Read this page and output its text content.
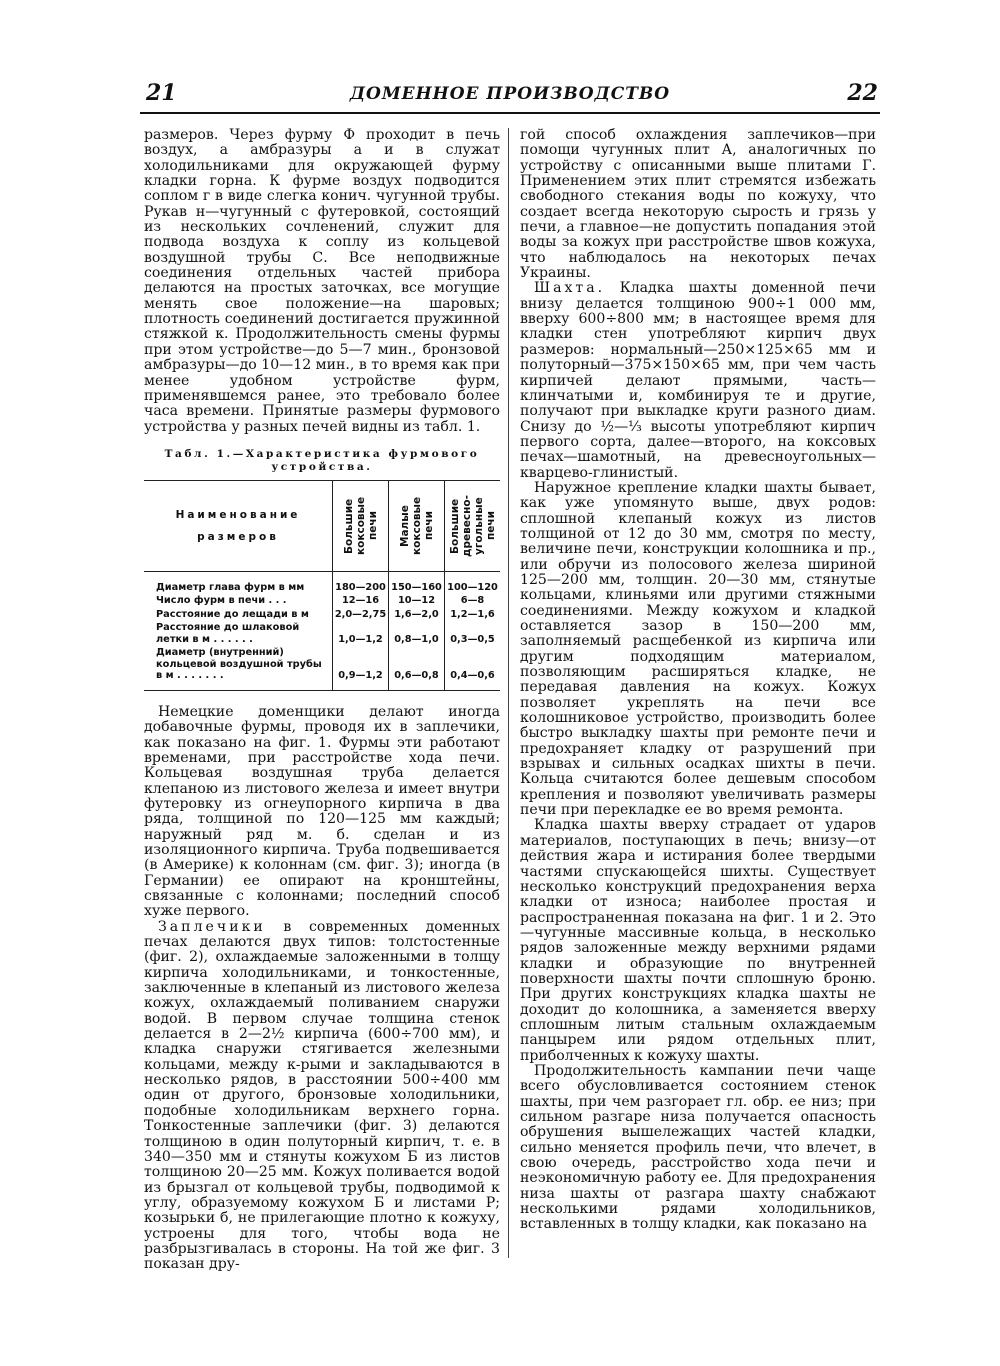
21	ДОМЕННОЕ ПРОИЗВОДСТВО	22

размеров. Через фурму Ф проходит в печь воздух, а амбразуры а и в служат холодильниками для окружающей фурму кладки горна. К фурме воздух подводится соплом г в виде слегка конич. чугунной трубы. Рукав н—чугунный с футеровкой, состоящий из нескольких сочленений, служит для подвода воздуха к соплу из кольцевой воздушной трубы С. Все неподвижные соединения отдельных частей прибора делаются на простых заточках, все могущие менять свое положение—на шаровых; плотность соединений достигается пружинной стяжкой к. Продолжительность смены фурмы при этом устройстве—до 5—7 мин., бронзовой амбразуры—до 10—12 мин., в то время как при менее удобном устройстве фурм, применявшемся ранее, это требовало более часа времени. Принятые размеры фурмового устройства у разных печей видны из табл. 1.

Табл. 1.—Характеристика фурмового устройства.
Наименование размеров	Большие коксовые печи	Малые коксовые печи	Большие древесно-угольные печи

Диаметр глава фурм в мм	180—200	150—160	100—120
Число фурм в печи . . .	12—16	10—12	6—8
Расстояние до лещади в м	2,0—2,75	1,6—2,0	1,2—1,6
Расстояние до шлаковой летки в м . . . . . .	1,0—1,2	0,8—1,0	0,3—0,5
Диаметр (внутренний) кольцевой воздушной трубы в м . . . . . . .	0,9—1,2	0,6—0,8	0,4—0,6

Немецкие доменщики делают иногда добавочные фурмы, проводя их в заплечики, как показано на фиг. 1. Фурмы эти работают временами, при расстройстве хода печи. Кольцевая воздушная труба делается клепаною из листового железа и имеет внутри футеровку из огнеупорного кирпича в два ряда, толщиной по 120—125 мм каждый; наружный ряд м. б. сделан и из изоляционного кирпича. Труба подвешивается (в Америке) к колоннам (см. фиг. 3); иногда (в Германии) ее опирают на кронштейны, связанные с колоннами; последний способ хуже первого.

Заплечики в современных доменных печах делаются двух типов: толстостенные (фиг. 2), охлаждаемые заложенными в толщу кирпича холодильниками, и тонкостенные, заключенные в клепаный из листового железа кожух, охлаждаемый поливанием снаружи водой. В первом случае толщина стенок делается в 2—2½ кирпича (600÷700 мм), и кладка снаружи стягивается железными кольцами, между к-рыми и закладываются в несколько рядов, в расстоянии 500÷400 мм один от другого, бронзовые холодильники, подобные холодильникам верхнего горна. Тонкостенные заплечики (фиг. 3) делаются толщиною в один полуторный кирпич, т. е. в 340—350 мм и стянуты кожухом Б из листов толщиною 20—25 мм. Кожух поливается водой из брызгал от кольцевой трубы, подводимой к углу, образуемому кожухом Б и листами Р; козырьки б, не прилегающие плотно к кожуху, устроены для того, чтобы вода не разбрызгивалась в стороны. На той же фиг. 3 показан дру-

гой способ охлаждения заплечиков—при помощи чугунных плит А, аналогичных по устройству с описанными выше плитами Г. Применением этих плит стремятся избежать свободного стекания воды по кожуху, что создает всегда некоторую сырость и грязь у печи, а главное—не допустить попадания этой воды за кожух при расстройстве швов кожуха, что наблюдалось на некоторых печах Украины.

Шахта. Кладка шахты доменной печи внизу делается толщиною 900÷1 000 мм, вверху 600÷800 мм; в настоящее время для кладки стен употребляют кирпич двух размеров: нормальный—250×125×65 мм и полуторный—375×150×65 мм, при чем часть кирпичей делают прямыми, часть—клинчатыми и, комбинируя те и другие, получают при выкладке круги разного диам. Снизу до ½—⅓ высоты употребляют кирпич первого сорта, далее—второго, на коксовых печах—шамотный, на древесноугольных—кварцево-глинистый.

Наружное крепление кладки шахты бывает, как уже упомянуто выше, двух родов: сплошной клепаный кожух из листов толщиной от 12 до 30 мм, смотря по месту, величине печи, конструкции колошника и пр., или обручи из полосового железа шириной 125—200 мм, толщин. 20—30 мм, стянутые кольцами, клиньями или другими стяжными соединениями. Между кожухом и кладкой оставляется зазор в 150—200 мм, заполняемый расщебенкой из кирпича или другим подходящим материалом, позволяющим расширяться кладке, не передавая давления на кожух. Кожух позволяет укреплять на печи все колошниковое устройство, производить более быстро выкладку шахты при ремонте печи и предохраняет кладку от разрушений при взрывах и сильных осадках шихты в печи. Кольца считаются более дешевым способом крепления и позволяют увеличивать размеры печи при перекладке ее во время ремонта.

Кладка шахты вверху страдает от ударов материалов, поступающих в печь; внизу—от действия жара и истирания более твердыми частями спускающейся шихты. Существует несколько конструкций предохранения верха кладки от износа; наиболее простая и распространенная показана на фиг. 1 и 2. Это—чугунные массивные кольца, в несколько рядов заложенные между верхними рядами кладки и образующие по внутренней поверхности шахты почти сплошную броню. При других конструкциях кладка шахты не доходит до колошника, а заменяется вверху сплошным литым стальным охлаждаемым панцырем или рядом отдельных плит, приболченных к кожуху шахты.

Продолжительность кампании печи чаще всего обусловливается состоянием стенок шахты, при чем разгорает гл. обр. ее низ; при сильном разгаре низа получается опасность обрушения вышележащих частей кладки, сильно меняется профиль печи, что влечет, в свою очередь, расстройство хода печи и неэкономичную работу ее. Для предохранения низа шахты от разгара шахту снабжают несколькими рядами холодильников, вставленных в толщу кладки, как показано на
